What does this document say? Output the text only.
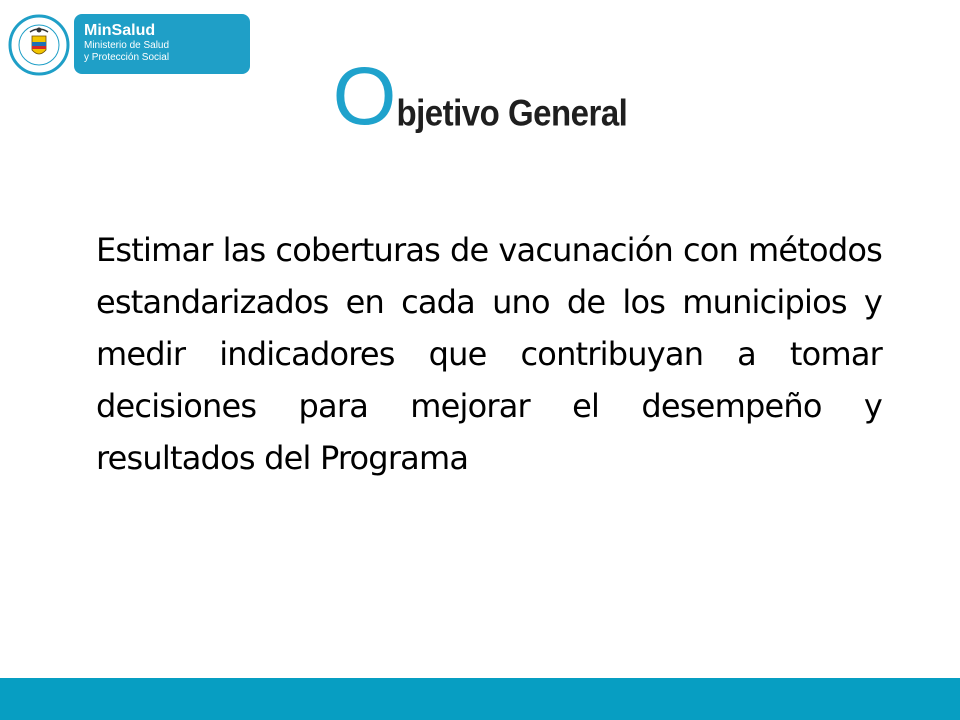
MinSalud
Ministerio de Salud
y Protección Social	Objetivo General

Estimar las coberturas de vacunación con métodos estandarizados en cada uno de los municipios y medir indicadores que contribuyan a tomar decisiones para mejorar el desempeño y resultados del Programa
